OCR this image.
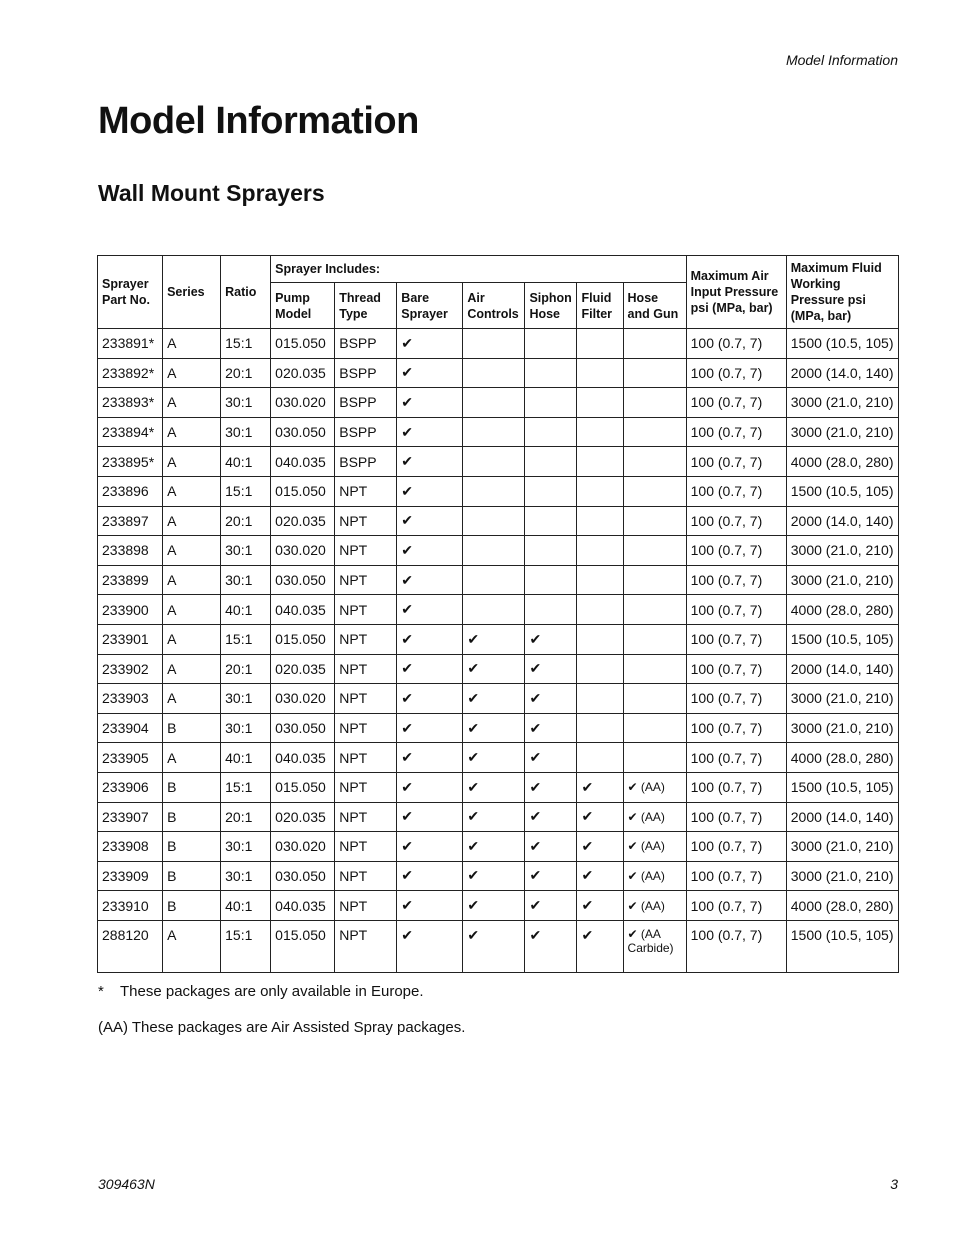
Model Information
Model Information
Wall Mount Sprayers
Sprayer Part No.	Series	Ratio	Sprayer Includes:							Maximum Air Input Pressure psi (MPa, bar)	Maximum Fluid Working Pressure psi (MPa, bar)
			Pump Model	Thread Type	Bare Sprayer	Air Controls	Siphon Hose	Fluid Filter	Hose and Gun		
233891*	A	15:1	015.050	BSPP	✔					100 (0.7, 7)	1500 (10.5, 105)
233892*	A	20:1	020.035	BSPP	✔					100 (0.7, 7)	2000 (14.0, 140)
233893*	A	30:1	030.020	BSPP	✔					100 (0.7, 7)	3000 (21.0, 210)
233894*	A	30:1	030.050	BSPP	✔					100 (0.7, 7)	3000 (21.0, 210)
233895*	A	40:1	040.035	BSPP	✔					100 (0.7, 7)	4000 (28.0, 280)
233896	A	15:1	015.050	NPT	✔					100 (0.7, 7)	1500 (10.5, 105)
233897	A	20:1	020.035	NPT	✔					100 (0.7, 7)	2000 (14.0, 140)
233898	A	30:1	030.020	NPT	✔					100 (0.7, 7)	3000 (21.0, 210)
233899	A	30:1	030.050	NPT	✔					100 (0.7, 7)	3000 (21.0, 210)
233900	A	40:1	040.035	NPT	✔					100 (0.7, 7)	4000 (28.0, 280)
233901	A	15:1	015.050	NPT	✔	✔	✔			100 (0.7, 7)	1500 (10.5, 105)
233902	A	20:1	020.035	NPT	✔	✔	✔			100 (0.7, 7)	2000 (14.0, 140)
233903	A	30:1	030.020	NPT	✔	✔	✔			100 (0.7, 7)	3000 (21.0, 210)
233904	B	30:1	030.050	NPT	✔	✔	✔			100 (0.7, 7)	3000 (21.0, 210)
233905	A	40:1	040.035	NPT	✔	✔	✔			100 (0.7, 7)	4000 (28.0, 280)
233906	B	15:1	015.050	NPT	✔	✔	✔	✔	✔ (AA)	100 (0.7, 7)	1500 (10.5, 105)
233907	B	20:1	020.035	NPT	✔	✔	✔	✔	✔ (AA)	100 (0.7, 7)	2000 (14.0, 140)
233908	B	30:1	030.020	NPT	✔	✔	✔	✔	✔ (AA)	100 (0.7, 7)	3000 (21.0, 210)
233909	B	30:1	030.050	NPT	✔	✔	✔	✔	✔ (AA)	100 (0.7, 7)	3000 (21.0, 210)
233910	B	40:1	040.035	NPT	✔	✔	✔	✔	✔ (AA)	100 (0.7, 7)	4000 (28.0, 280)
288120	A	15:1	015.050	NPT	✔	✔	✔	✔	✔ (AA Carbide)	100 (0.7, 7)	1500 (10.5, 105)
* These packages are only available in Europe.
(AA) These packages are Air Assisted Spray packages.
309463N	3
